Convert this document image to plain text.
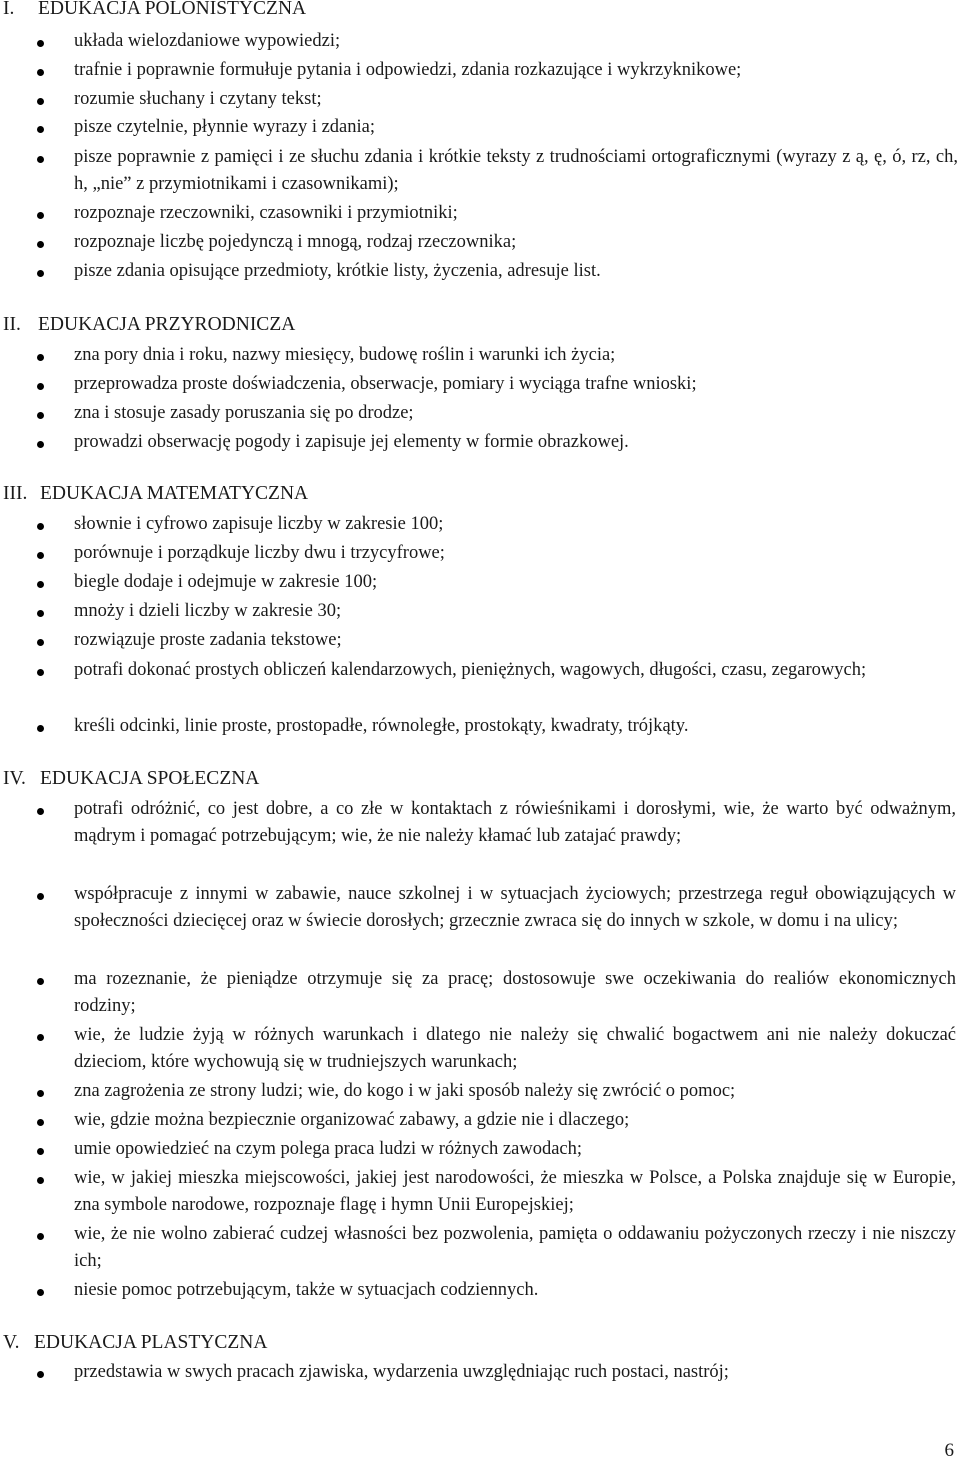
I. EDUKACJA POLONISTYCZNA
układa wielozdaniowe wypowiedzi;
trafnie i poprawnie formułuje pytania i odpowiedzi, zdania rozkazujące i wykrzyknikowe;
rozumie słuchany i czytany tekst;
pisze czytelnie, płynnie wyrazy i zdania;
pisze poprawnie z pamięci i ze słuchu zdania i krótkie teksty z trudnościami ortograficznymi (wyrazy z ą, ę, ó, rz, ch, h, „nie” z przymiotnikami i czasownikami);
rozpoznaje rzeczowniki, czasowniki i przymiotniki;
rozpoznaje liczbę pojedynczą i mnogą, rodzaj rzeczownika;
pisze zdania opisujące przedmioty, krótkie listy, życzenia, adresuje list.
II. EDUKACJA PRZYRODNICZA
zna pory dnia i roku, nazwy miesięcy, budowę roślin i warunki ich życia;
przeprowadza proste doświadczenia, obserwacje, pomiary i wyciąga trafne wnioski;
zna i stosuje zasady poruszania się po drodze;
prowadzi obserwację pogody i zapisuje jej elementy w formie obrazkowej.
III. EDUKACJA MATEMATYCZNA
słownie i cyfrowo zapisuje liczby w zakresie 100;
porównuje i porządkuje liczby dwu i trzycyfrowe;
biegle dodaje i odejmuje w zakresie 100;
mnoży i dzieli liczby w zakresie 30;
rozwiązuje proste zadania tekstowe;
potrafi dokonać prostych obliczeń kalendarzowych, pieniężnych, wagowych, długości, czasu, zegarowych;
kreśli odcinki, linie proste, prostopadłe, równoległe, prostokąty, kwadraty, trójkąty.
IV. EDUKACJA SPOŁECZNA
potrafi odróżnić, co jest dobre, a co złe w kontaktach z rówieśnikami i dorosłymi, wie, że warto być odważnym, mądrym i pomagać potrzebującym; wie, że nie należy kłamać lub zatajać prawdy;
współpracuje z innymi w zabawie, nauce szkolnej i w sytuacjach życiowych; przestrzega reguł obowiązujących w społeczności dziecięcej oraz w świecie dorosłych; grzecznie zwraca się do innych w szkole, w domu i na ulicy;
ma rozeznanie, że pieniądze otrzymuje się za pracę; dostosowuje swe oczekiwania do realiów ekonomicznych rodziny;
wie, że ludzie żyją w różnych warunkach i dlatego nie należy się chwalić bogactwem ani nie należy dokuczać dzieciom, które wychowują się w trudniejszych warunkach;
zna zagrożenia ze strony ludzi; wie, do kogo i w jaki sposób należy się zwrócić o pomoc;
wie, gdzie można bezpiecznie organizować zabawy, a gdzie nie i dlaczego;
umie opowiedzieć na czym polega praca ludzi w różnych zawodach;
wie, w jakiej mieszka miejscowości, jakiej jest narodowości, że mieszka w Polsce, a Polska znajduje się w Europie, zna symbole narodowe, rozpoznaje flagę i hymn Unii Europejskiej;
wie, że nie wolno zabierać cudzej własności bez pozwolenia, pamięta o oddawaniu pożyczonych rzeczy i nie niszczy ich;
niesie pomoc potrzebującym, także w sytuacjach codziennych.
V. EDUKACJA PLASTYCZNA
przedstawia w swych pracach zjawiska, wydarzenia uwzględniając ruch postaci, nastrój;
6
